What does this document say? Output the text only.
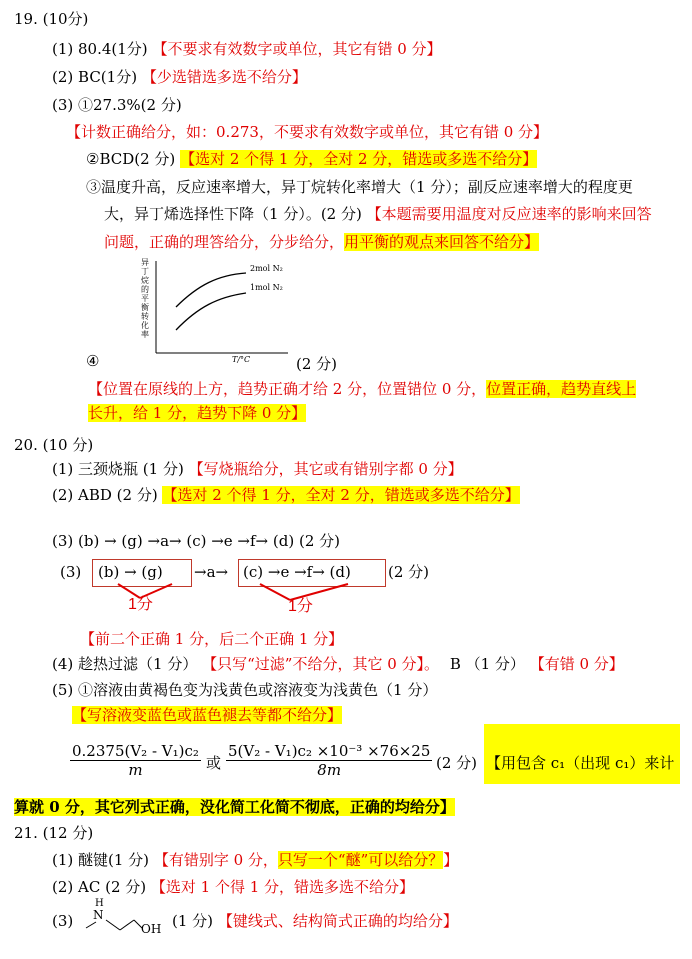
19. (10分)
(1) 80.4(1分) 【不要求有效数字或单位，其它有错 0 分】
(2) BC(1分) 【少选错选多选不给分】
(3) ①27.3%(2 分)
【计数正确给分，如：0.273，不要求有效数字或单位，其它有错 0 分】
②BCD(2 分) 【选对 2 个得 1 分，全对 2 分，错选或多选不给分】
③温度升高，反应速率增大，异丁烷转化率增大（1 分）；副反应速率增大的程度更
大，异丁烯选择性下降（1 分）。(2 分) 【本题需要用温度对反应速率的影响来回答
问题，正确的理答给分，分步给分，用平衡的观点来回答不给分】
异丁烷的平衡转化率
2mol N₂
1mol N₂
T/°C
④	(2 分)
【位置在原线的上方，趋势正确才给 2 分，位置错位 0 分，位置正确，趋势直线上
长升，给 1 分，趋势下降 0 分】
20. (10 分)
(1) 三颈烧瓶 (1 分) 【写烧瓶给分，其它或有错别字都 0 分】
(2) ABD (2 分) 【选对 2 个得 1 分，全对 2 分，错选或多选不给分】
(3) (b) → (g) →a→ (c) →e →f→ (d) (2 分)
(3) (b) → (g) →a→ (c) →e →f→ (d) (2 分)
1分	1分
【前二个正确 1 分，后二个正确 1 分】
(4) 趁热过滤（1 分） 【只写“过滤”不给分，其它 0 分】。 B （1 分） 【有错 0 分】
(5) ①溶液由黄褐色变为浅黄色或溶液变为浅黄色（1 分）
【写溶液变蓝色或蓝色褪去等都不给分】
$\frac{\text{0.2375(V₂ - V₁)c₂}}{m}$ 或 $\frac{\text{5(V₂ - V₁)c₂ ×10⁻³ ×76×25}}{8m} (2$ 分) 【用包含 c₁（出现 c₁）来计
算就 0 分，其它列式正确，没化简工化简不彻底，正确的均给分】
21. (12 分)
(1) 醚键(1 分) 【有错别字 0 分，只写一个“醚”可以给分？】
(2) AC (2 分) 【选对 1 个得 1 分，错选多选不给分】
(3)
H
N
OH (1 分) 【键线式、结构简式正确的均给分】
